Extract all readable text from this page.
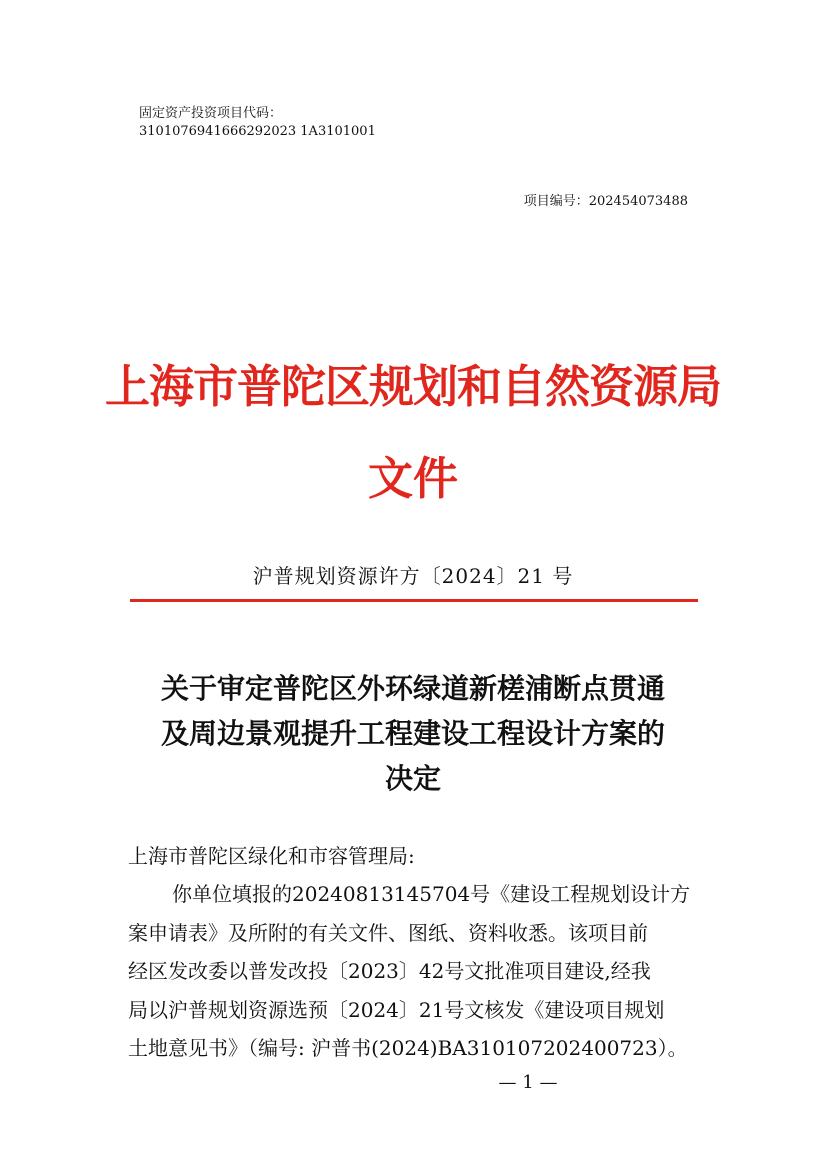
固定资产投资项目代码：
3101076941666292023 1A3101001
项目编号：202454073488
上海市普陀区规划和自然资源局
文件
沪普规划资源许方〔2024〕21 号
关于审定普陀区外环绿道新槎浦断点贯通
及周边景观提升工程建设工程设计方案的
决定
上海市普陀区绿化和市容管理局:
你单位填报的20240813145704号《建设工程规划设计方
案申请表》及所附的有关文件、图纸、资料收悉。该项目前
经区发改委以普发改投〔2023〕42号文批准项目建设,经我
局以沪普规划资源选预〔2024〕21号文核发《建设项目规划
土地意见书》（编号: 沪普书(2024)BA310107202400723）。
— 1 —
